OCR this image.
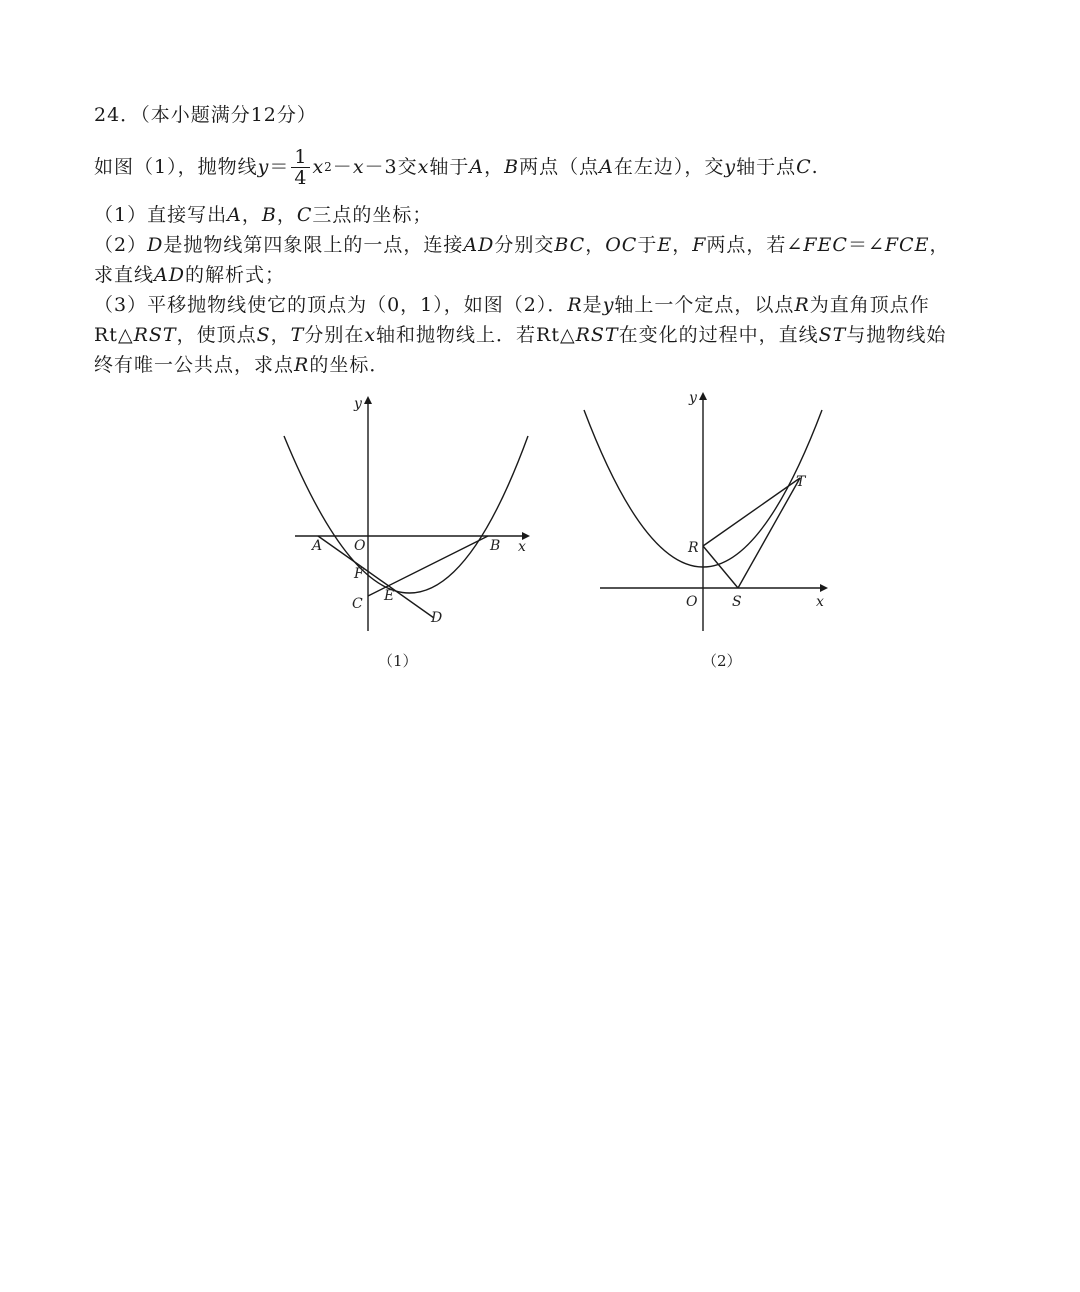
24．（本小题满分12分）
如图（1），抛物线 $y = \frac{1}{4}$ x 2 － x －3交 x 轴于 A ， B 两点（点 A 在左边），交 y 轴于点 C .
（1）直接写出A，B，C三点的坐标；
（2）D是抛物线第四象限上的一点，连接AD分别交BC，OC于E，F两点，若∠FEC＝∠FCE，
求直线AD的解析式；
（3）平移抛物线使它的顶点为（0，1），如图（2）．R是y轴上一个定点，以点R为直角顶点作
Rt△RST，使顶点S，T分别在x轴和抛物线上．若Rt△RST在变化的过程中，直线ST与抛物线始
终有唯一公共点，求点R的坐标．
y
x
O
A	B
F
E
C
D
（1）
y
x
O
R
S
T
（2）
